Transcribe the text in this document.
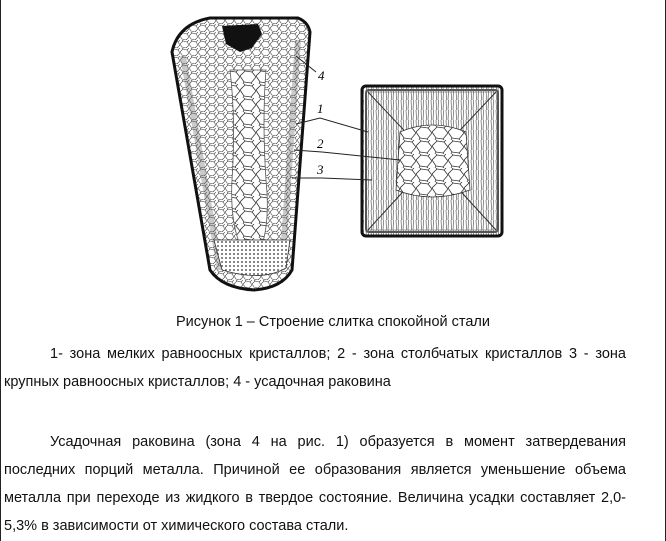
4
1
2
3
Рисунок 1 – Строение слитка спокойной стали
1- зона мелких равноосных кристаллов; 2 - зона столбчатых кристаллов 3 - зона крупных равноосных кристаллов; 4 - усадочная раковина
Усадочная раковина (зона 4 на рис. 1) образуется в момент затвердевания последних порций металла. Причиной ее образования является уменьшение объема металла при переходе из жидкого в твердое состояние. Величина усадки составляет 2,0-5,3% в зависимости от химического состава стали.
